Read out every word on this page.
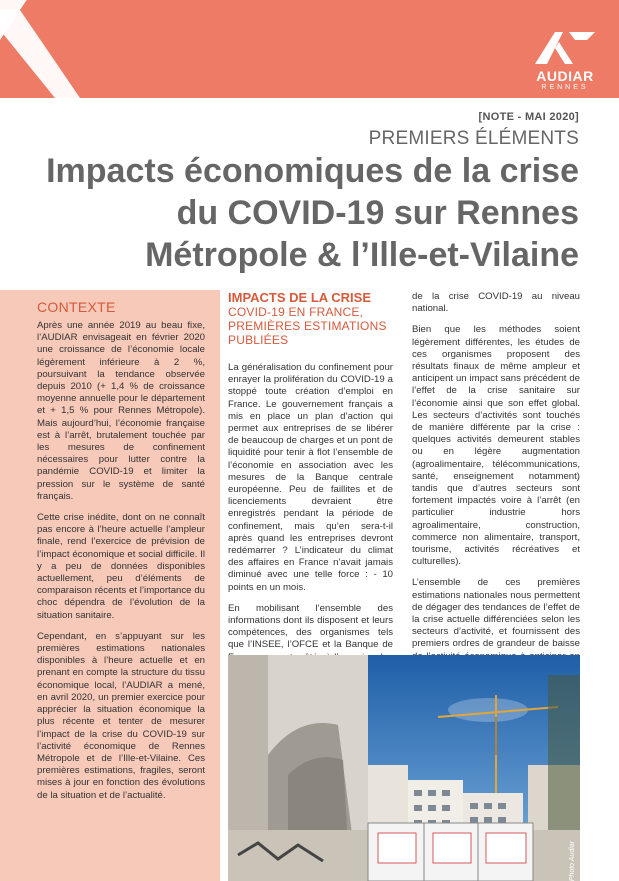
AUDIAR
RENNES
[NOTE - MAI 2020]
PREMIERS ÉLÉMENTS
Impacts économiques de la crise du COVID-19 sur Rennes Métropole & l’Ille-et-Vilaine
CONTEXTE

Après une année 2019 au beau fixe, l’AUDIAR envisageait en février 2020 une croissance de l’économie locale légèrement inférieure à 2 %, poursuivant la tendance observée depuis 2010 (+ 1,4 % de croissance moyenne annuelle pour le département et + 1,5 % pour Rennes Métropole). Mais aujourd’hui, l’économie française est à l’arrêt, brutalement touchée par les mesures de confinement nécessaires pour lutter contre la pandémie COVID-19 et limiter la pression sur le système de santé français.

Cette crise inédite, dont on ne connaît pas encore à l’heure actuelle l’ampleur finale, rend l’exercice de prévision de l’impact économique et social difficile. Il y a peu de données disponibles actuellement, peu d’éléments de comparaison récents et l’importance du choc dépendra de l’évolution de la situation sanitaire.

Cependant, en s’appuyant sur les premières estimations nationales disponibles à l’heure actuelle et en prenant en compte la structure du tissu économique local, l’AUDIAR a mené, en avril 2020, un premier exercice pour apprécier la situation économique la plus récente et tenter de mesurer l’impact de la crise du COVID-19 sur l’activité économique de Rennes Métropole et de l’Ille-et-Vilaine. Ces premières estimations, fragiles, seront mises à jour en fonction des évolutions de la situation et de l’actualité.

IMPACTS DE LA CRISE
COVID-19 EN FRANCE, PREMIÈRES ESTIMATIONS PUBLIÉES

La généralisation du confinement pour enrayer la prolifération du COVID-19 a stoppé toute création d’emploi en France. Le gouvernement français a mis en place un plan d’action qui permet aux entreprises de se libérer de beaucoup de charges et un pont de liquidité pour tenir à flot l’ensemble de l’économie en association avec les mesures de la Banque centrale européenne. Peu de faillites et de licenciements devraient être enregistrés pendant la période de confinement, mais qu’en sera-t-il après quand les entreprises devront redémarrer ? L’indicateur du climat des affaires en France n’avait jamais diminué avec une telle force : - 10 points en un mois.

En mobilisant l’ensemble des informations dont ils disposent et leurs compétences, des organismes tels que l’INSEE, l’OFCE et la Banque de

de la crise COVID-19 au niveau national.

Bien que les méthodes soient légèrement différentes, les études de ces organismes proposent des résultats finaux de même ampleur et anticipent un impact sans précédent de l’effet de la crise sanitaire sur l’économie ainsi que son effet global. Les secteurs d’activités sont touchés de manière différente par la crise : quelques activités demeurent stables ou en légère augmentation (agroalimentaire, télécommunications, santé, enseignement notamment) tandis que d’autres secteurs sont fortement impactés voire à l’arrêt (en particulier industrie hors agroalimentaire, construction, commerce non alimentaire, transport, tourisme, activités récréatives et culturelles).

L’ensemble de ces premières estimations nationales nous permettent de dégager des tendances de l’effet de la crise actuelle différenciées selon les secteurs d’activité, et fournissent des premiers ordres de grandeur de baisse

Photo Audiar
